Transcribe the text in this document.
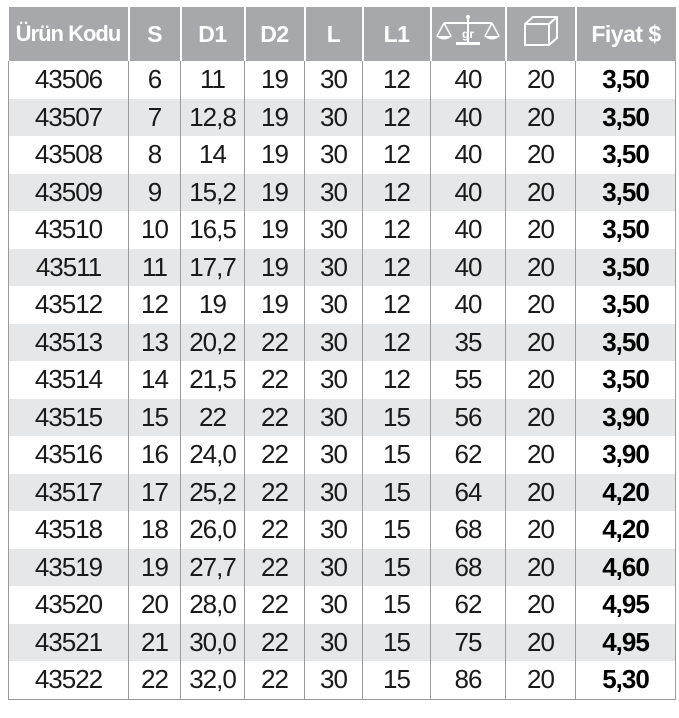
Ürün Kodu	S	D1	D2	L	L1	gr		Fiyat $
43506	6	11	19	30	12	40	20	3,50
43507	7	12,8	19	30	12	40	20	3,50
43508	8	14	19	30	12	40	20	3,50
43509	9	15,2	19	30	12	40	20	3,50
43510	10	16,5	19	30	12	40	20	3,50
43511	11	17,7	19	30	12	40	20	3,50
43512	12	19	19	30	12	40	20	3,50
43513	13	20,2	22	30	12	35	20	3,50
43514	14	21,5	22	30	12	55	20	3,50
43515	15	22	22	30	15	56	20	3,90
43516	16	24,0	22	30	15	62	20	3,90
43517	17	25,2	22	30	15	64	20	4,20
43518	18	26,0	22	30	15	68	20	4,20
43519	19	27,7	22	30	15	68	20	4,60
43520	20	28,0	22	30	15	62	20	4,95
43521	21	30,0	22	30	15	75	20	4,95
43522	22	32,0	22	30	15	86	20	5,30
